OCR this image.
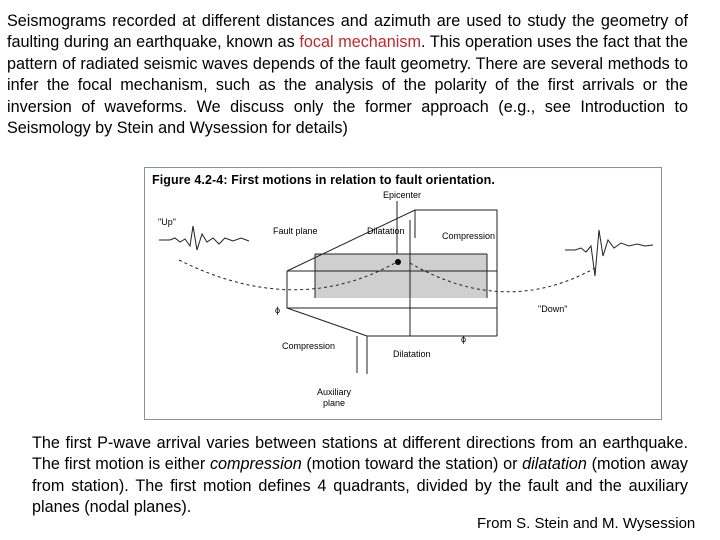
Seismograms recorded at different distances and azimuth are used to study the geometry of faulting during an earthquake, known as focal mechanism. This operation uses the fact that the pattern of radiated seismic waves depends of the fault geometry. There are several methods to infer the focal mechanism, such as the analysis of the polarity of the first arrivals or the inversion of waveforms. We discuss only the former approach (e.g., see Introduction to Seismology by Stein and Wysession for details)
Figure 4.2-4: First motions in relation to fault orientation.
"Up"
Epicenter
Fault plane	Dilatation	Compression
"Down"
Compression
Dilatation
Auxiliary
plane
ϕ
ϕ
The first P-wave arrival varies between stations at different directions from an earthquake. The first motion is either compression (motion toward the station) or dilatation (motion away from station). The first motion defines 4 quadrants, divided by the fault and the auxiliary planes (nodal planes).
From S. Stein and M. Wysession
